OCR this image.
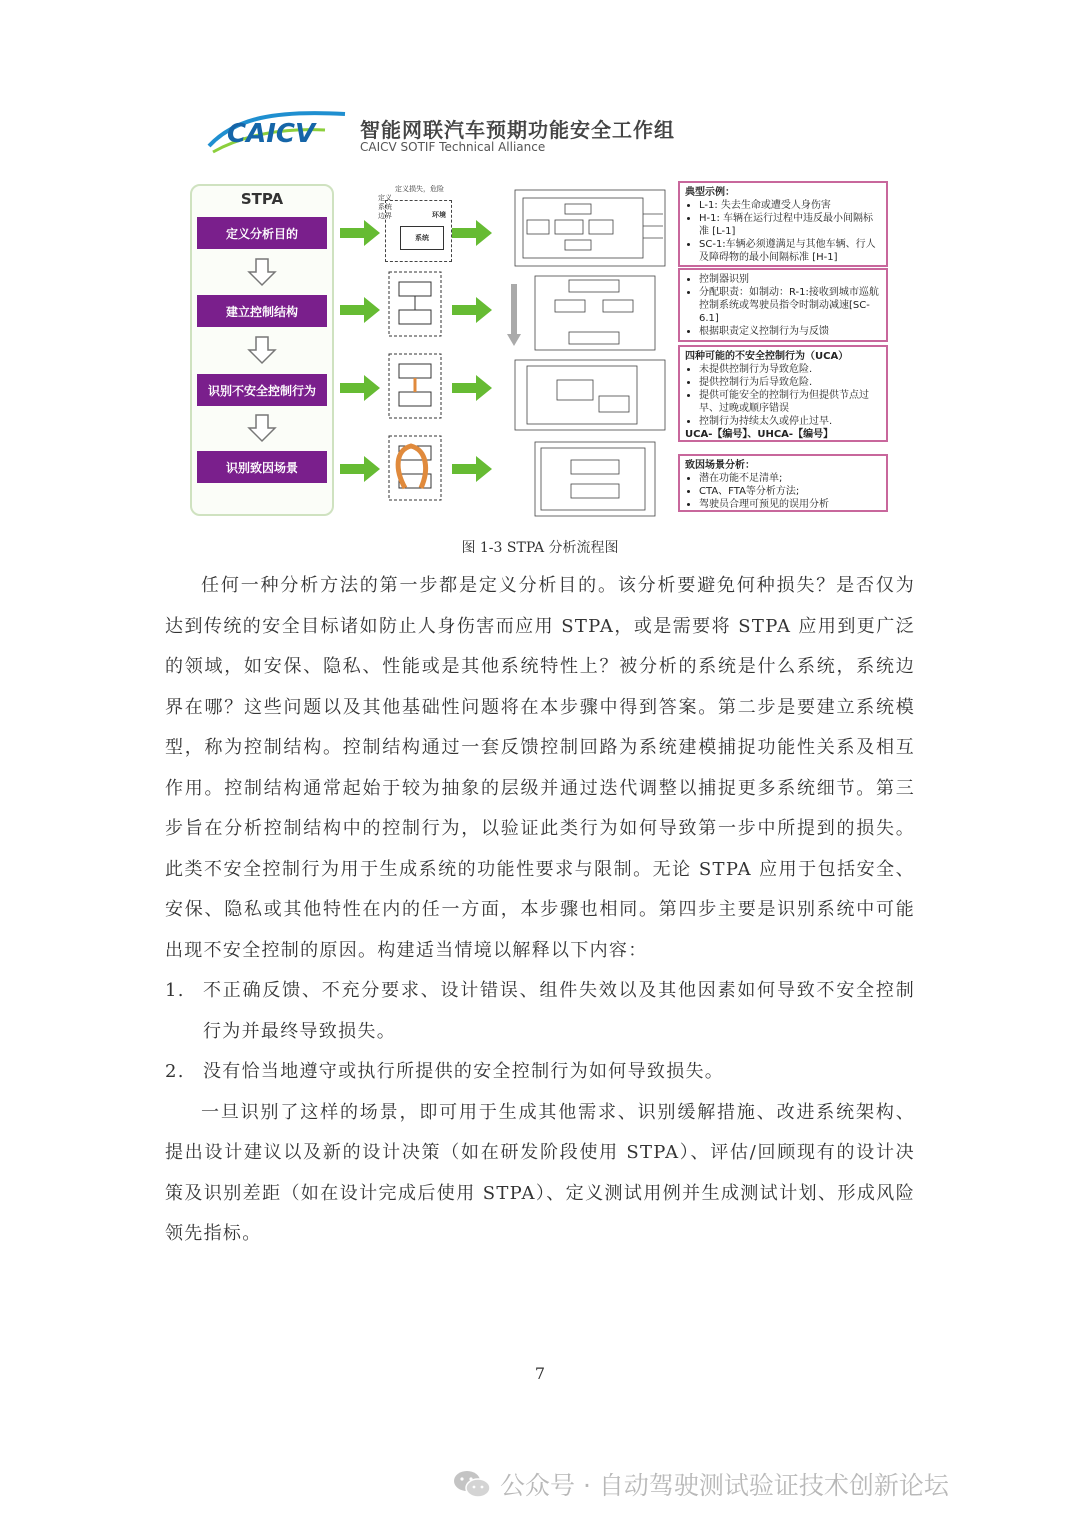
CAICV 智能网联汽车预期功能安全工作组
CAICV SOTIF Technical Alliance
STPA
定义分析目的
建立控制结构
识别不安全控制行为
识别致因场景
定义损失，危险
定义
系统
边界	环境
系统
典型示例：
• L-1: 失去生命或遭受人身伤害
• H-1: 车辆在运行过程中违反最小间隔标准 [L-1]
• SC-1:车辆必须遵满足与其他车辆、行人及障碍物的最小间隔标准 [H-1]
• 控制器识别
• 分配职责：如制动：R-1:接收到城市巡航控制系统或驾驶员指令时制动减速[SC-6.1]
• 根据职责定义控制行为与反馈
四种可能的不安全控制行为（UCA）
• 未提供控制行为导致危险.
• 提供控制行为后导致危险.
• 提供可能安全的控制行为但提供节点过早、过晚或顺序错误
• 控制行为持续太久或停止过早.
UCA-【编号】、UHCA-【编号】
致因场景分析：
• 潜在功能不足清单;
• CTA、FTA等分析方法;
• 驾驶员合理可预见的误用分析
图 1-3 STPA 分析流程图

任何一种分析方法的第一步都是定义分析目的。该分析要避免何种损失？是否仅为达到传统的安全目标诸如防止人身伤害而应用 STPA，或是需要将 STPA 应用到更广泛的领域，如安保、隐私、性能或是其他系统特性上？被分析的系统是什么系统，系统边界在哪？这些问题以及其他基础性问题将在本步骤中得到答案。第二步是要建立系统模型，称为控制结构。控制结构通过一套反馈控制回路为系统建模捕捉功能性关系及相互作用。控制结构通常起始于较为抽象的层级并通过迭代调整以捕捉更多系统细节。第三步旨在分析控制结构中的控制行为，以验证此类行为如何导致第一步中所提到的损失。此类不安全控制行为用于生成系统的功能性要求与限制。无论 STPA 应用于包括安全、安保、隐私或其他特性在内的任一方面，本步骤也相同。第四步主要是识别系统中可能出现不安全控制的原因。构建适当情境以解释以下内容：

1.	不正确反馈、不充分要求、设计错误、组件失效以及其他因素如何导致不安全控制行为并最终导致损失。
2.	没有恰当地遵守或执行所提供的安全控制行为如何导致损失。

一旦识别了这样的场景，即可用于生成其他需求、识别缓解措施、改进系统架构、提出设计建议以及新的设计决策（如在研发阶段使用 STPA）、评估/回顾现有的设计决策及识别差距（如在设计完成后使用 STPA）、定义测试用例并生成测试计划、形成风险领先指标。

7
公众号 · 自动驾驶测试验证技术创新论坛
